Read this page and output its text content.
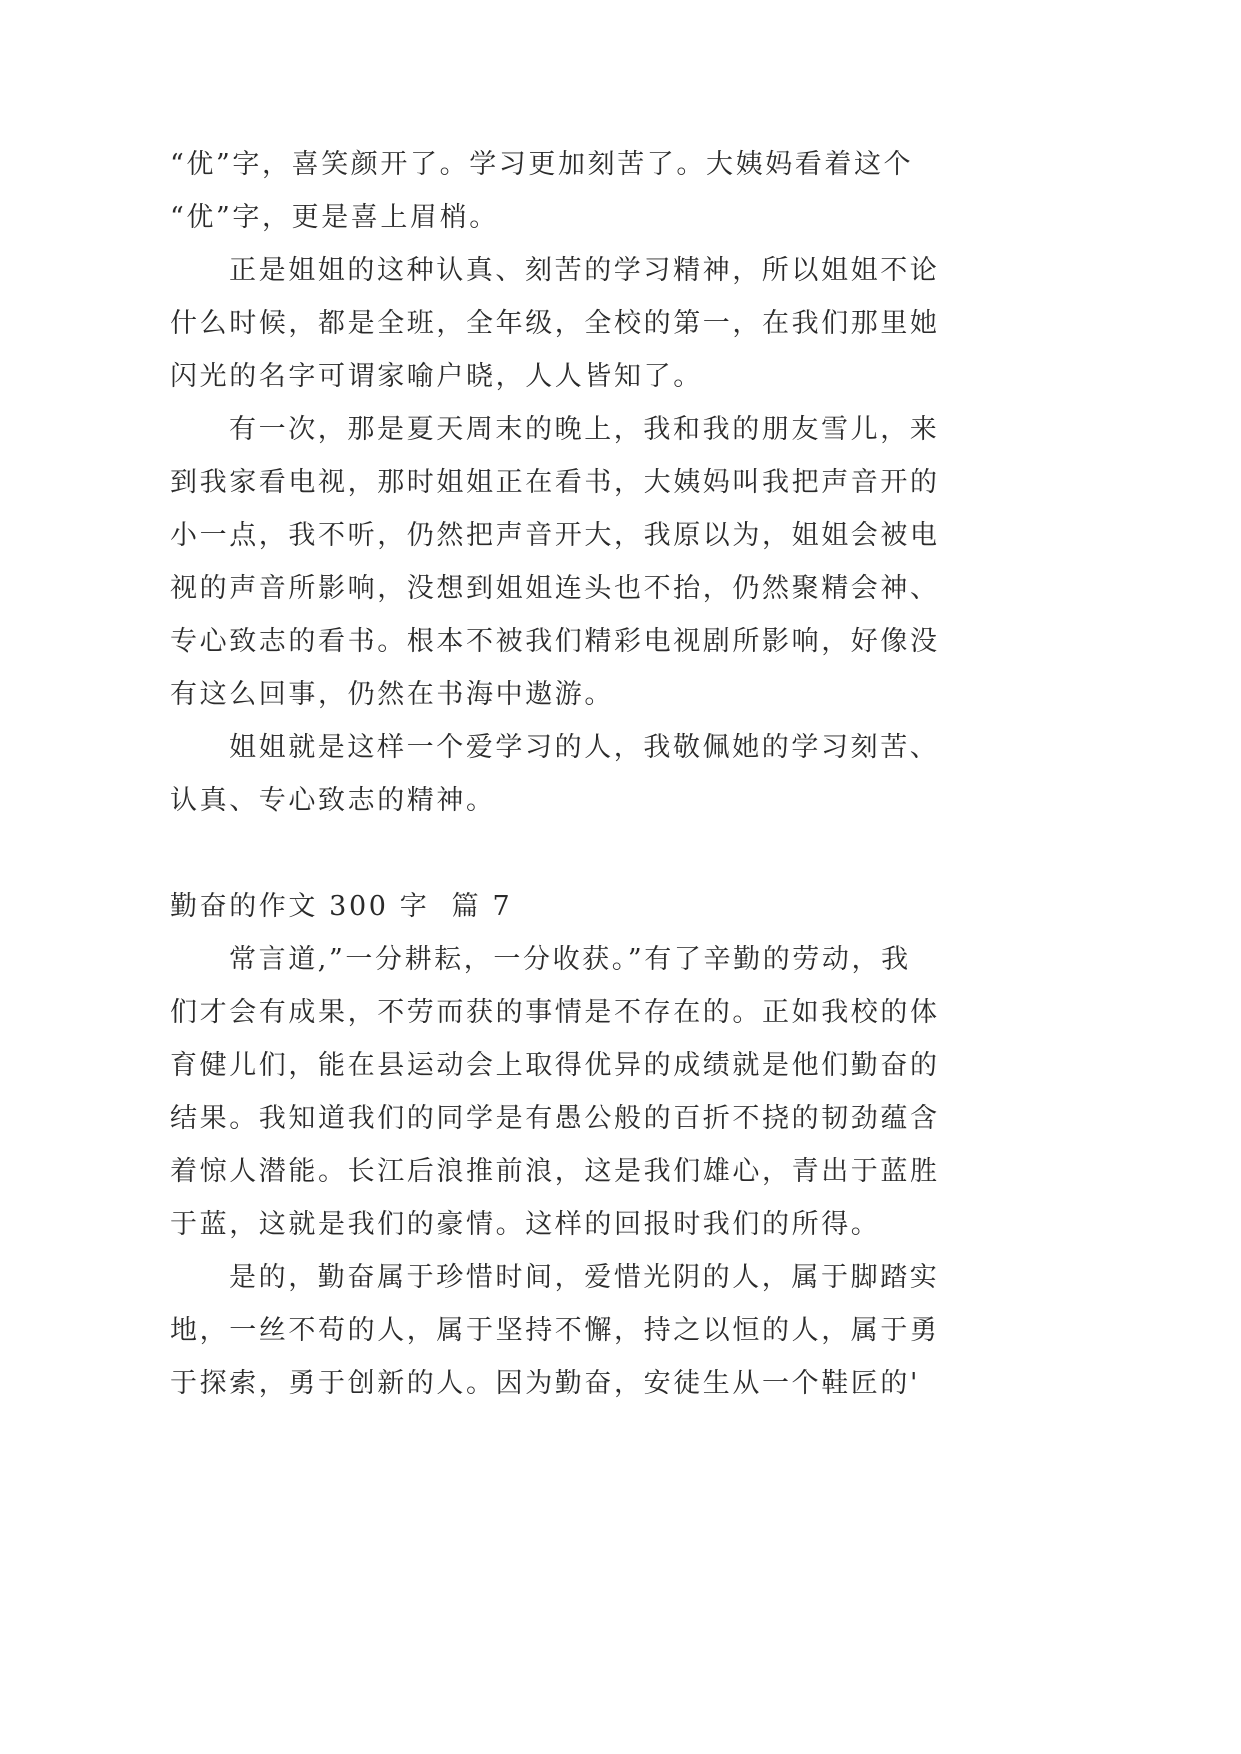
“优”字，喜笑颜开了。学习更加刻苦了。大姨妈看着这个
“优”字，更是喜上眉梢。
正是姐姐的这种认真、刻苦的学习精神，所以姐姐不论
什么时候，都是全班，全年级，全校的第一，在我们那里她
闪光的名字可谓家喻户晓，人人皆知了。
有一次，那是夏天周末的晚上，我和我的朋友雪儿，来
到我家看电视，那时姐姐正在看书，大姨妈叫我把声音开的
小一点，我不听，仍然把声音开大，我原以为，姐姐会被电
视的声音所影响，没想到姐姐连头也不抬，仍然聚精会神、
专心致志的看书。根本不被我们精彩电视剧所影响，好像没
有这么回事，仍然在书海中遨游。
姐姐就是这样一个爱学习的人，我敬佩她的学习刻苦、
认真、专心致志的精神。
勤奋的作文 300 字  篇 7
常言道,”一分耕耘，一分收获。”有了辛勤的劳动，我
们才会有成果，不劳而获的事情是不存在的。正如我校的体
育健儿们，能在县运动会上取得优异的成绩就是他们勤奋的
结果。我知道我们的同学是有愚公般的百折不挠的韧劲蕴含
着惊人潜能。长江后浪推前浪，这是我们雄心，青出于蓝胜
于蓝，这就是我们的豪情。这样的回报时我们的所得。
是的，勤奋属于珍惜时间，爱惜光阴的人，属于脚踏实
地，一丝不苟的人，属于坚持不懈，持之以恒的人，属于勇
于探索，勇于创新的人。因为勤奋，安徒生从一个鞋匠的'
